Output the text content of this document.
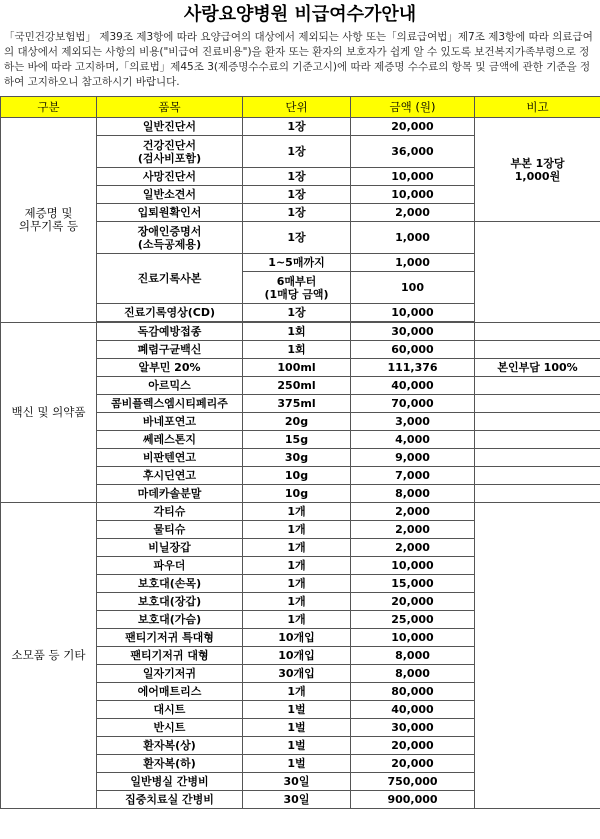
사랑요양병원 비급여수가안내
「국민건강보험법」 제39조 제3항에 따라 요양급여의 대상에서 제외되는 사항 또는「의료급여법」제7조 제3항에 따라 의료급여의 대상에서 제외되는 사항의 비용("비급여 진료비용")을 환자 또는 환자의 보호자가 쉽게 알 수 있도록 보건복지가족부령으로 정하는 바에 따라 고지하며,「의료법」제45조 3(제증명수수료의 기준고시)에 따라 제증명 수수료의 항목 및 금액에 관한 기준을 정하여 고지하오니 참고하시기 바랍니다.
구분	품목	단위	금액 (원)	비고
제증명 및
의무기록 등	일반진단서	1장	20,000	부본 1장당
1,000원
	건강진단서
(검사비포함)	1장	36,000	
	사망진단서	1장	10,000	
	일반소견서	1장	10,000	
	입퇴원확인서	1장	2,000	
	장애인증명서
(소득공제용)	1장	1,000	
	진료기록사본	1~5매까지	1,000	
		6매부터
(1매당 금액)	100	
	진료기록영상(CD)	1장	10,000	

백신 및 의약품	독감예방접종	1회	30,000	
	폐렴구균백신	1회	60,000	
	알부민 20%	100ml	111,376	본인부담 100%
	아르믹스	250ml	40,000	
	콤비플렉스엠시티페리주	375ml	70,000	
	바네포연고	20g	3,000	
	쎄레스톤지	15g	4,000	
	비판텐연고	30g	9,000	
	후시딘연고	10g	7,000	
	마데카솔분말	10g	8,000	
소모품 등 기타	각티슈	1개	2,000	
	물티슈	1개	2,000	
	비닐장갑	1개	2,000	
	파우더	1개	10,000	
	보호대(손목)	1개	15,000	
	보호대(장갑)	1개	20,000	
	보호대(가슴)	1개	25,000	
	팬티기저귀 특대형	10개입	10,000	
	팬티기저귀 대형	10개입	8,000	
	일자기저귀	30개입	8,000	
	에어매트리스	1개	80,000	
	대시트	1벌	40,000	
	반시트	1벌	30,000	
	환자복(상)	1벌	20,000	
	환자복(하)	1벌	20,000	
	일반병실 간병비	30일	750,000	
	집중치료실 간병비	30일	900,000	
